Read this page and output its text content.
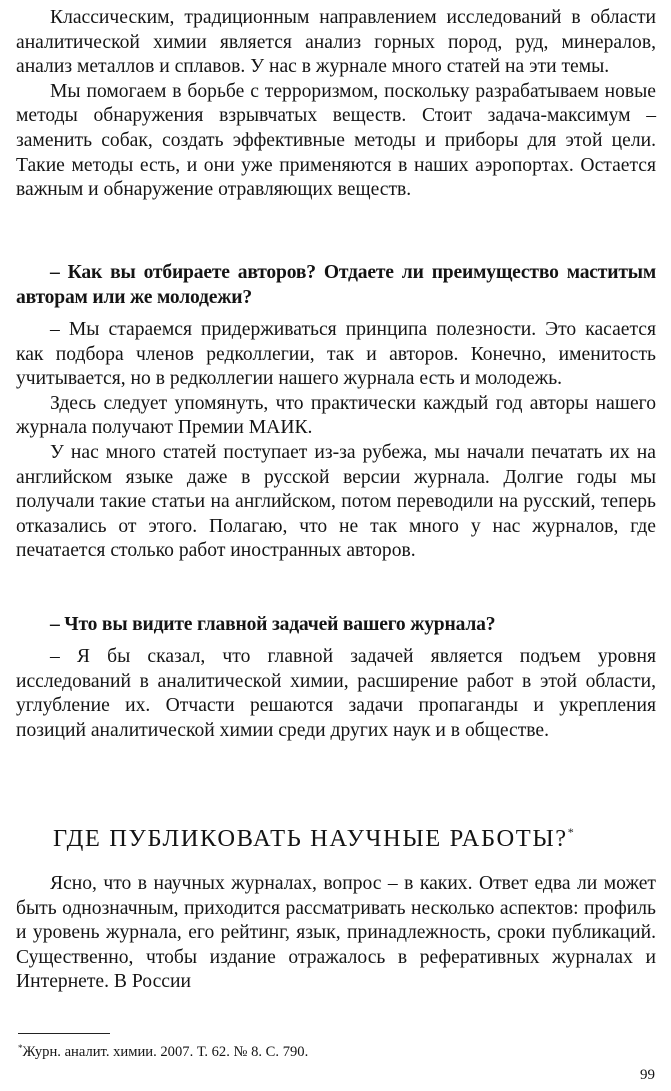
Классическим, традиционным направлением исследований в области аналитической химии является анализ горных пород, руд, минералов, анализ металлов и сплавов. У нас в журнале много статей на эти темы.

Мы помогаем в борьбе с терроризмом, поскольку разрабатываем новые методы обнаружения взрывчатых веществ. Стоит задача-максимум – заменить собак, создать эффективные методы и приборы для этой цели. Такие методы есть, и они уже применяются в наших аэропортах. Остается важным и обнаружение отравляющих веществ.

– Как вы отбираете авторов? Отдаете ли преимущество маститым авторам или же молодежи?

– Мы стараемся придерживаться принципа полезности. Это касается как подбора членов редколлегии, так и авторов. Конечно, именитость учитывается, но в редколлегии нашего журнала есть и молодежь.

Здесь следует упомянуть, что практически каждый год авторы нашего журнала получают Премии МАИК.

У нас много статей поступает из-за рубежа, мы начали печатать их на английском языке даже в русской версии журнала. Долгие годы мы получали такие статьи на английском, потом переводили на русский, теперь отказались от этого. Полагаю, что не так много у нас журналов, где печатается столько работ иностранных авторов.

– Что вы видите главной задачей вашего журнала?

– Я бы сказал, что главной задачей является подъем уровня исследований в аналитической химии, расширение работ в этой области, углубление их. Отчасти решаются задачи пропаганды и укрепления позиций аналитической химии среди других наук и в обществе.

ГДЕ ПУБЛИКОВАТЬ НАУЧНЫЕ РАБОТЫ?*

Ясно, что в научных журналах, вопрос – в каких. Ответ едва ли может быть однозначным, приходится рассматривать несколько аспектов: профиль и уровень журнала, его рейтинг, язык, принадлежность, сроки публикаций. Существенно, чтобы издание отражалось в реферативных журналах и Интернете. В России

*Журн. аналит. химии. 2007. Т. 62. № 8. С. 790.

99
